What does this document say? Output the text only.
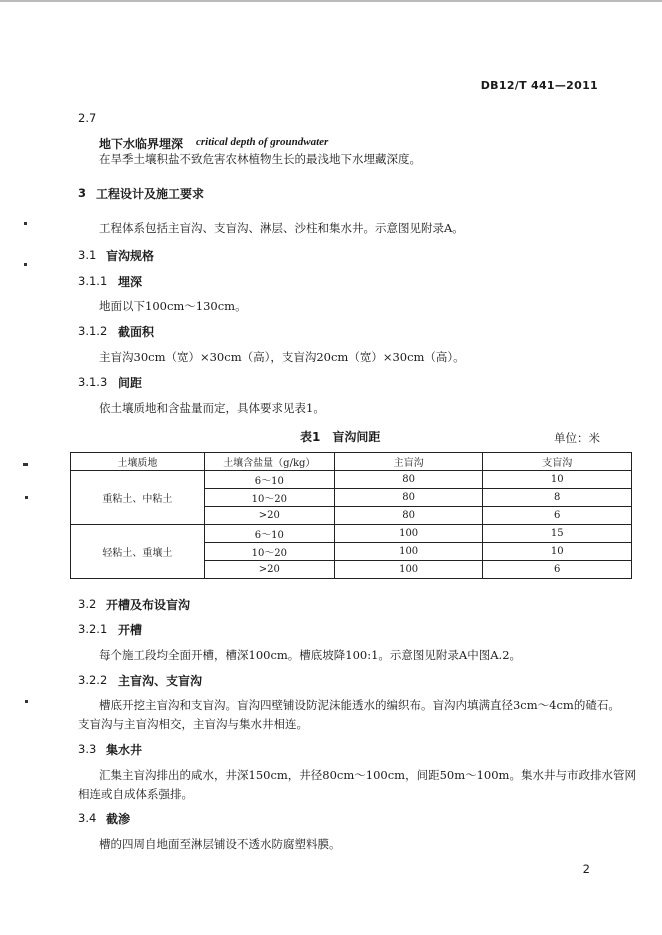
DB12/T 441—2011
2.7
地下水临界埋深 critical depth of groundwater
在旱季土壤积盐不致危害农林植物生长的最浅地下水埋藏深度。
3 工程设计及施工要求
工程体系包括主盲沟、支盲沟、淋层、沙柱和集水井。示意图见附录A。
3.1 盲沟规格
3.1.1 埋深
地面以下100cm～130cm。
3.1.2 截面积
主盲沟30cm（宽）×30cm（高），支盲沟20cm（宽）×30cm（高）。
3.1.3 间距
依土壤质地和含盐量而定，具体要求见表1。
表1　盲沟间距	单位：米
土壤质地	土壤含盐量（g/kg）	主盲沟	支盲沟
重粘土、中粘土	6～10	80	10
	10～20	80	8
	>20	80	6
轻粘土、重壤土	6～10	100	15
	10～20	100	10
	>20	100	6
3.2 开槽及布设盲沟
3.2.1 开槽
每个施工段均全面开槽，槽深100cm。槽底坡降100:1。示意图见附录A中图A.2。
3.2.2 主盲沟、支盲沟
槽底开挖主盲沟和支盲沟。盲沟四壁铺设防泥沫能透水的编织布。盲沟内填满直径3cm～4cm的碴石。
支盲沟与主盲沟相交，主盲沟与集水井相连。
3.3 集水井
汇集主盲沟排出的咸水，井深150cm，井径80cm～100cm，间距50m～100m。集水井与市政排水管网
相连或自成体系强排。
3.4 截渗
槽的四周自地面至淋层铺设不透水防腐塑料膜。
2
